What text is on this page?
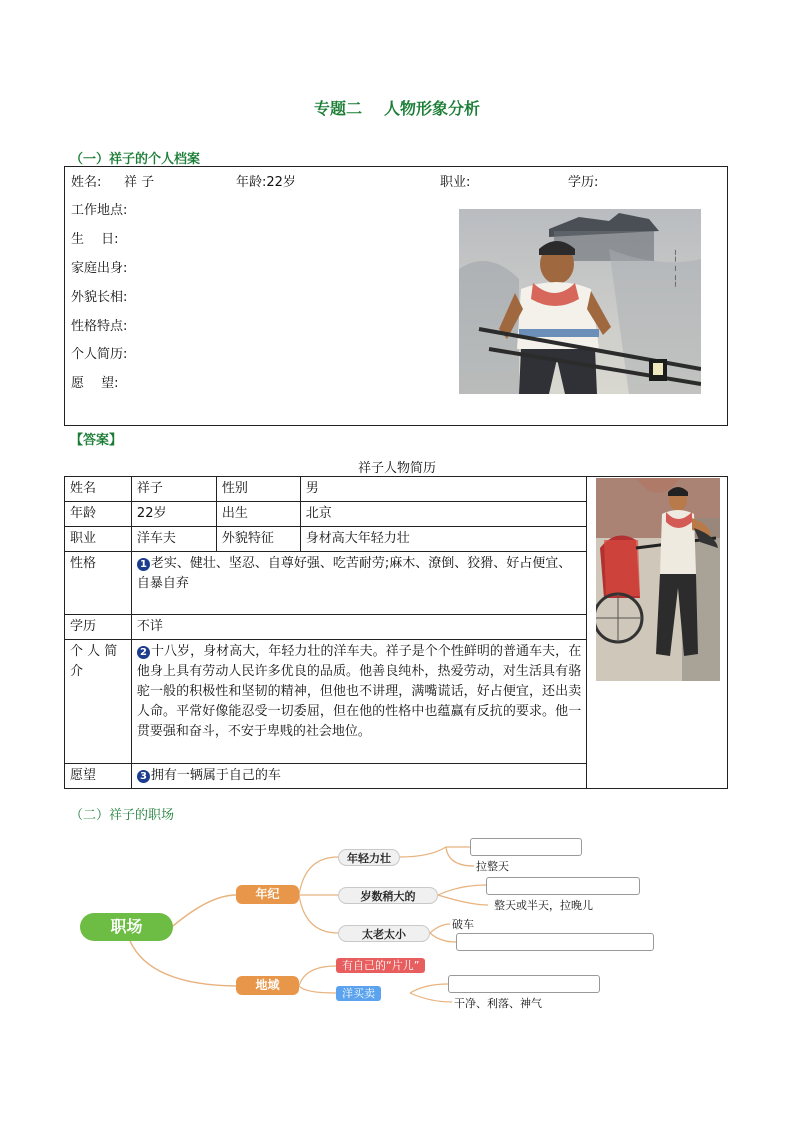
专题二 人物形象分析
（一）祥子的个人档案
姓名: 祥 子	年龄:22岁	职业:	学历:
工作地点:
生　 日:
家庭出身:
外貌长相:
性格特点:
个人简历:
愿　 望:
~~ ~ ~~
【答案】
祥子人物简历
姓名	祥子	性别	男	
年龄	22岁	出生	北京	
职业	洋车夫	外貌特征	身材高大年轻力壮	
性格	1 老实、健壮、坚忍、自尊好强、吃苦耐劳;麻木、潦倒、狡猾、好占便宜、自暴自弃			
学历	不详			
个 人 简 介	2 十八岁，身材高大，年轻力壮的洋车夫。祥子是个个性鲜明的普通车夫，在他身上具有劳动人民许多优良的品质。他善良纯朴，热爱劳动，对生活具有骆驼一般的积极性和坚韧的精神，但他也不讲理，满嘴谎话，好占便宜，还出卖人命。平常好像能忍受一切委屈，但在他的性格中也蕴赢有反抗的要求。他一贯要强和奋斗，不安于卑贱的社会地位。			
愿望	3 拥有一辆属于自己的车			
（二）祥子的职场
职场
年纪
地域
年轻力壮
岁数稍大的
太老太小
拉整天
整天或半天，拉晚儿
破车
有自己的“片儿”
洋买卖
干净、利落、神气
